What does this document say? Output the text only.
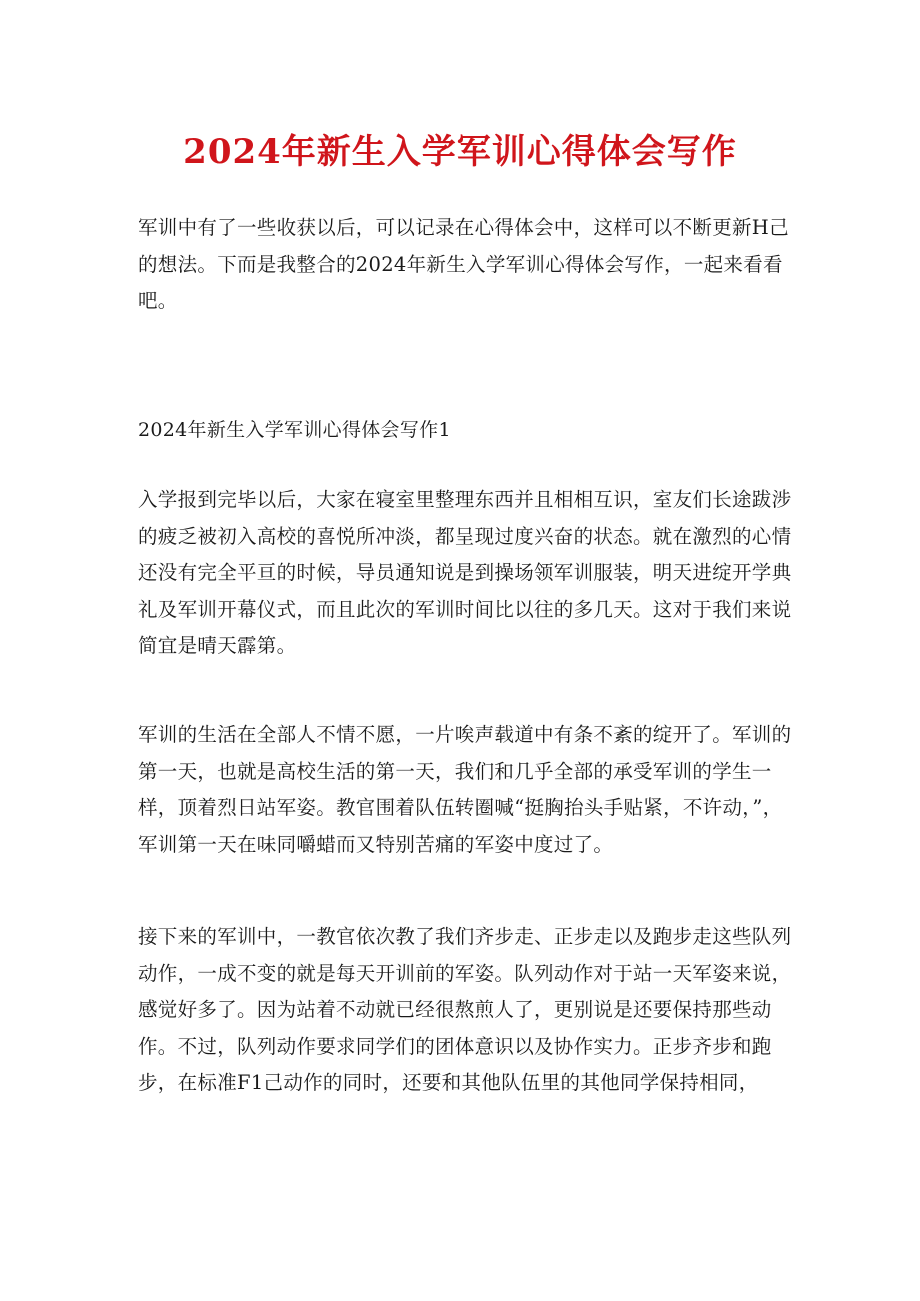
2024年新生入学军训心得体会写作

军训中有了一些收获以后，可以记录在心得体会中，这样可以不断更新H己的想法。下而是我整合的2024年新生入学军训心得体会写作，一起来看看吧。

2024年新生入学军训心得体会写作1

入学报到完毕以后，大家在寝室里整理东西并且相相互识，室友们长途跋涉的疲乏被初入高校的喜悦所冲淡，都呈现过度兴奋的状态。就在激烈的心情还没有完全平亘的时候，导员通知说是到操场领军训服装，明天进绽开学典礼及军训开幕仪式，而且此次的军训时间比以往的多几天。这对于我们来说简宜是晴天霹第。

军训的生活在全部人不情不愿，一片唉声载道中有条不紊的绽开了。军训的第一天，也就是高校生活的第一天，我们和几乎全部的承受军训的学生一样，顶着烈日站军姿。教官围着队伍转圈喊“挺胸抬头手贴紧，不许动，”，军训第一天在味同嚼蜡而又特别苦痛的军姿中度过了。

接下来的军训中，一教官依次教了我们齐步走、正步走以及跑步走这些队列动作，一成不变的就是每天开训前的军姿。队列动作对于站一天军姿来说，感觉好多了。因为站着不动就已经很熬煎人了，更别说是还要保持那些动作。不过，队列动作要求同学们的团体意识以及协作实力。正步齐步和跑步，在标准F1己动作的同时，还要和其他队伍里的其他同学保持相同，
